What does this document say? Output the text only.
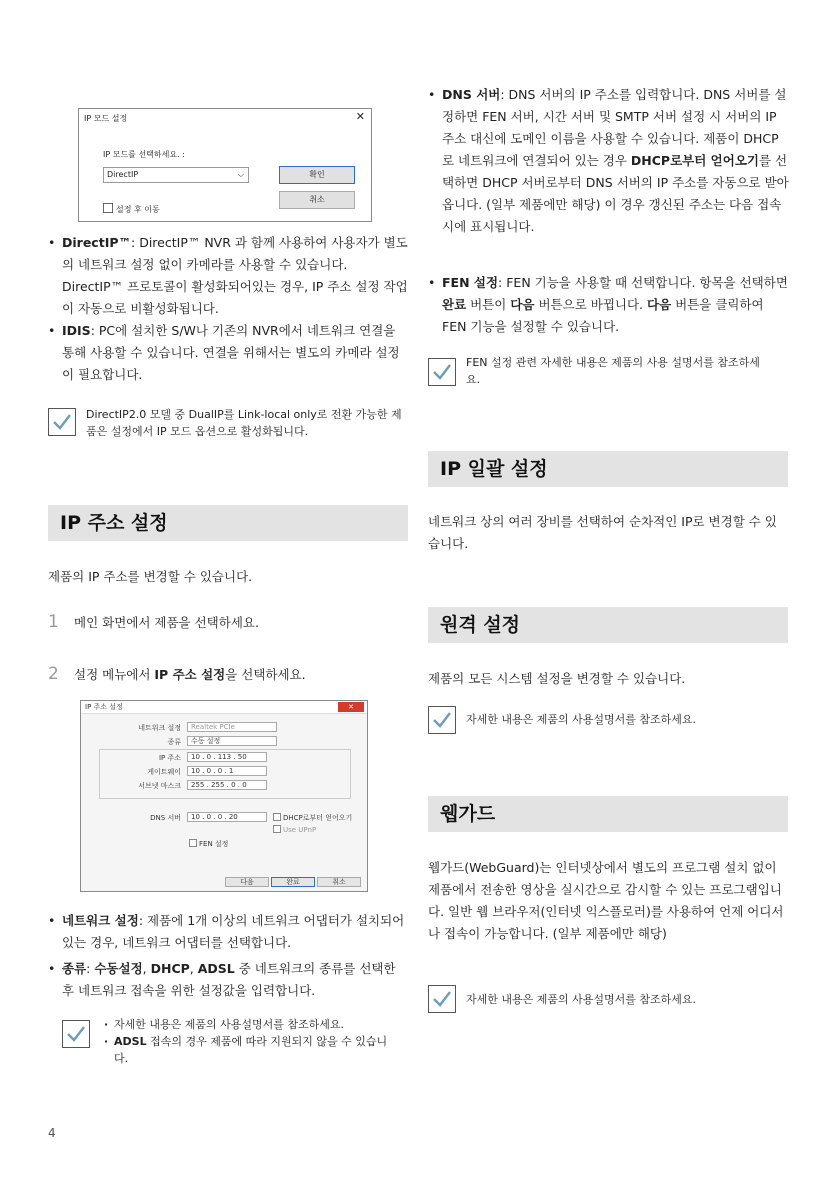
IP 모드 설정	✕
IP 모드를 선택하세요. :
DirectIP	⌵	확인
취소
설정 후 이동

• DirectIP™: DirectIP™ NVR 과 함께 사용하여 사용자가 별도의 네트워크 설정 없이 카메라를 사용할 수 있습니다. DirectIP™ 프로토콜이 활성화되어있는 경우, IP 주소 설정 작업이 자동으로 비활성화됩니다.

• IDIS: PC에 설치한 S/W나 기존의 NVR에서 네트워크 연결을 통해 사용할 수 있습니다. 연결을 위해서는 별도의 카메라 설정이 필요합니다.

DirectIP2.0 모델 중 DualIP를 Link-local only로 전환 가능한 제품은 설정에서 IP 모드 옵션으로 활성화됩니다.
IP 주소 설정
제품의 IP 주소를 변경할 수 있습니다.
1 메인 화면에서 제품을 선택하세요.
2 설정 메뉴에서 IP 주소 설정을 선택하세요.
IP 주소 설정	✕
네트워크 설정	Realtek PCIe
종류	수동 설정
IP 주소	10 . 0 . 113 . 50
게이트웨이	10 . 0 . 0 . 1
서브넷 마스크	255 . 255 . 0 . 0
DNS 서버	10 . 0 . 0 . 20	DHCP로부터 얻어오기
Use UPnP
FEN 설정
다음	완료	취소

• 네트워크 설정: 제품에 1개 이상의 네트워크 어댑터가 설치되어 있는 경우, 네트워크 어댑터를 선택합니다.

• 종류: 수동설정, DHCP, ADSL 중 네트워크의 종류를 선택한 후 네트워크 접속을 위한 설정값을 입력합니다.

· 자세한 내용은 제품의 사용설명서를 참조하세요.
· ADSL 접속의 경우 제품에 따라 지원되지 않을 수 있습니다.

• DNS 서버: DNS 서버의 IP 주소를 입력합니다. DNS 서버를 설정하면 FEN 서버, 시간 서버 및 SMTP 서버 설정 시 서버의 IP 주소 대신에 도메인 이름을 사용할 수 있습니다. 제품이 DHCP로 네트워크에 연결되어 있는 경우 DHCP로부터 얻어오기를 선택하면 DHCP 서버로부터 DNS 서버의 IP 주소를 자동으로 받아옵니다. (일부 제품에만 해당) 이 경우 갱신된 주소는 다음 접속 시에 표시됩니다.

• FEN 설정: FEN 기능을 사용할 때 선택합니다. 항목을 선택하면 완료 버튼이 다음 버튼으로 바뀝니다. 다음 버튼을 클릭하여 FEN 기능을 설정할 수 있습니다.

FEN 설정 관련 자세한 내용은 제품의 사용 설명서를 참조하세요.
IP 일괄 설정
네트워크 상의 여러 장비를 선택하여 순차적인 IP로 변경할 수 있습니다.
원격 설정
제품의 모든 시스템 설정을 변경할 수 있습니다.
자세한 내용은 제품의 사용설명서를 참조하세요.
웹가드
웹가드(WebGuard)는 인터넷상에서 별도의 프로그램 설치 없이 제품에서 전송한 영상을 실시간으로 감시할 수 있는 프로그램입니다. 일반 웹 브라우저(인터넷 익스플로러)를 사용하여 언제 어디서나 접속이 가능합니다. (일부 제품에만 해당)
자세한 내용은 제품의 사용설명서를 참조하세요.
4
